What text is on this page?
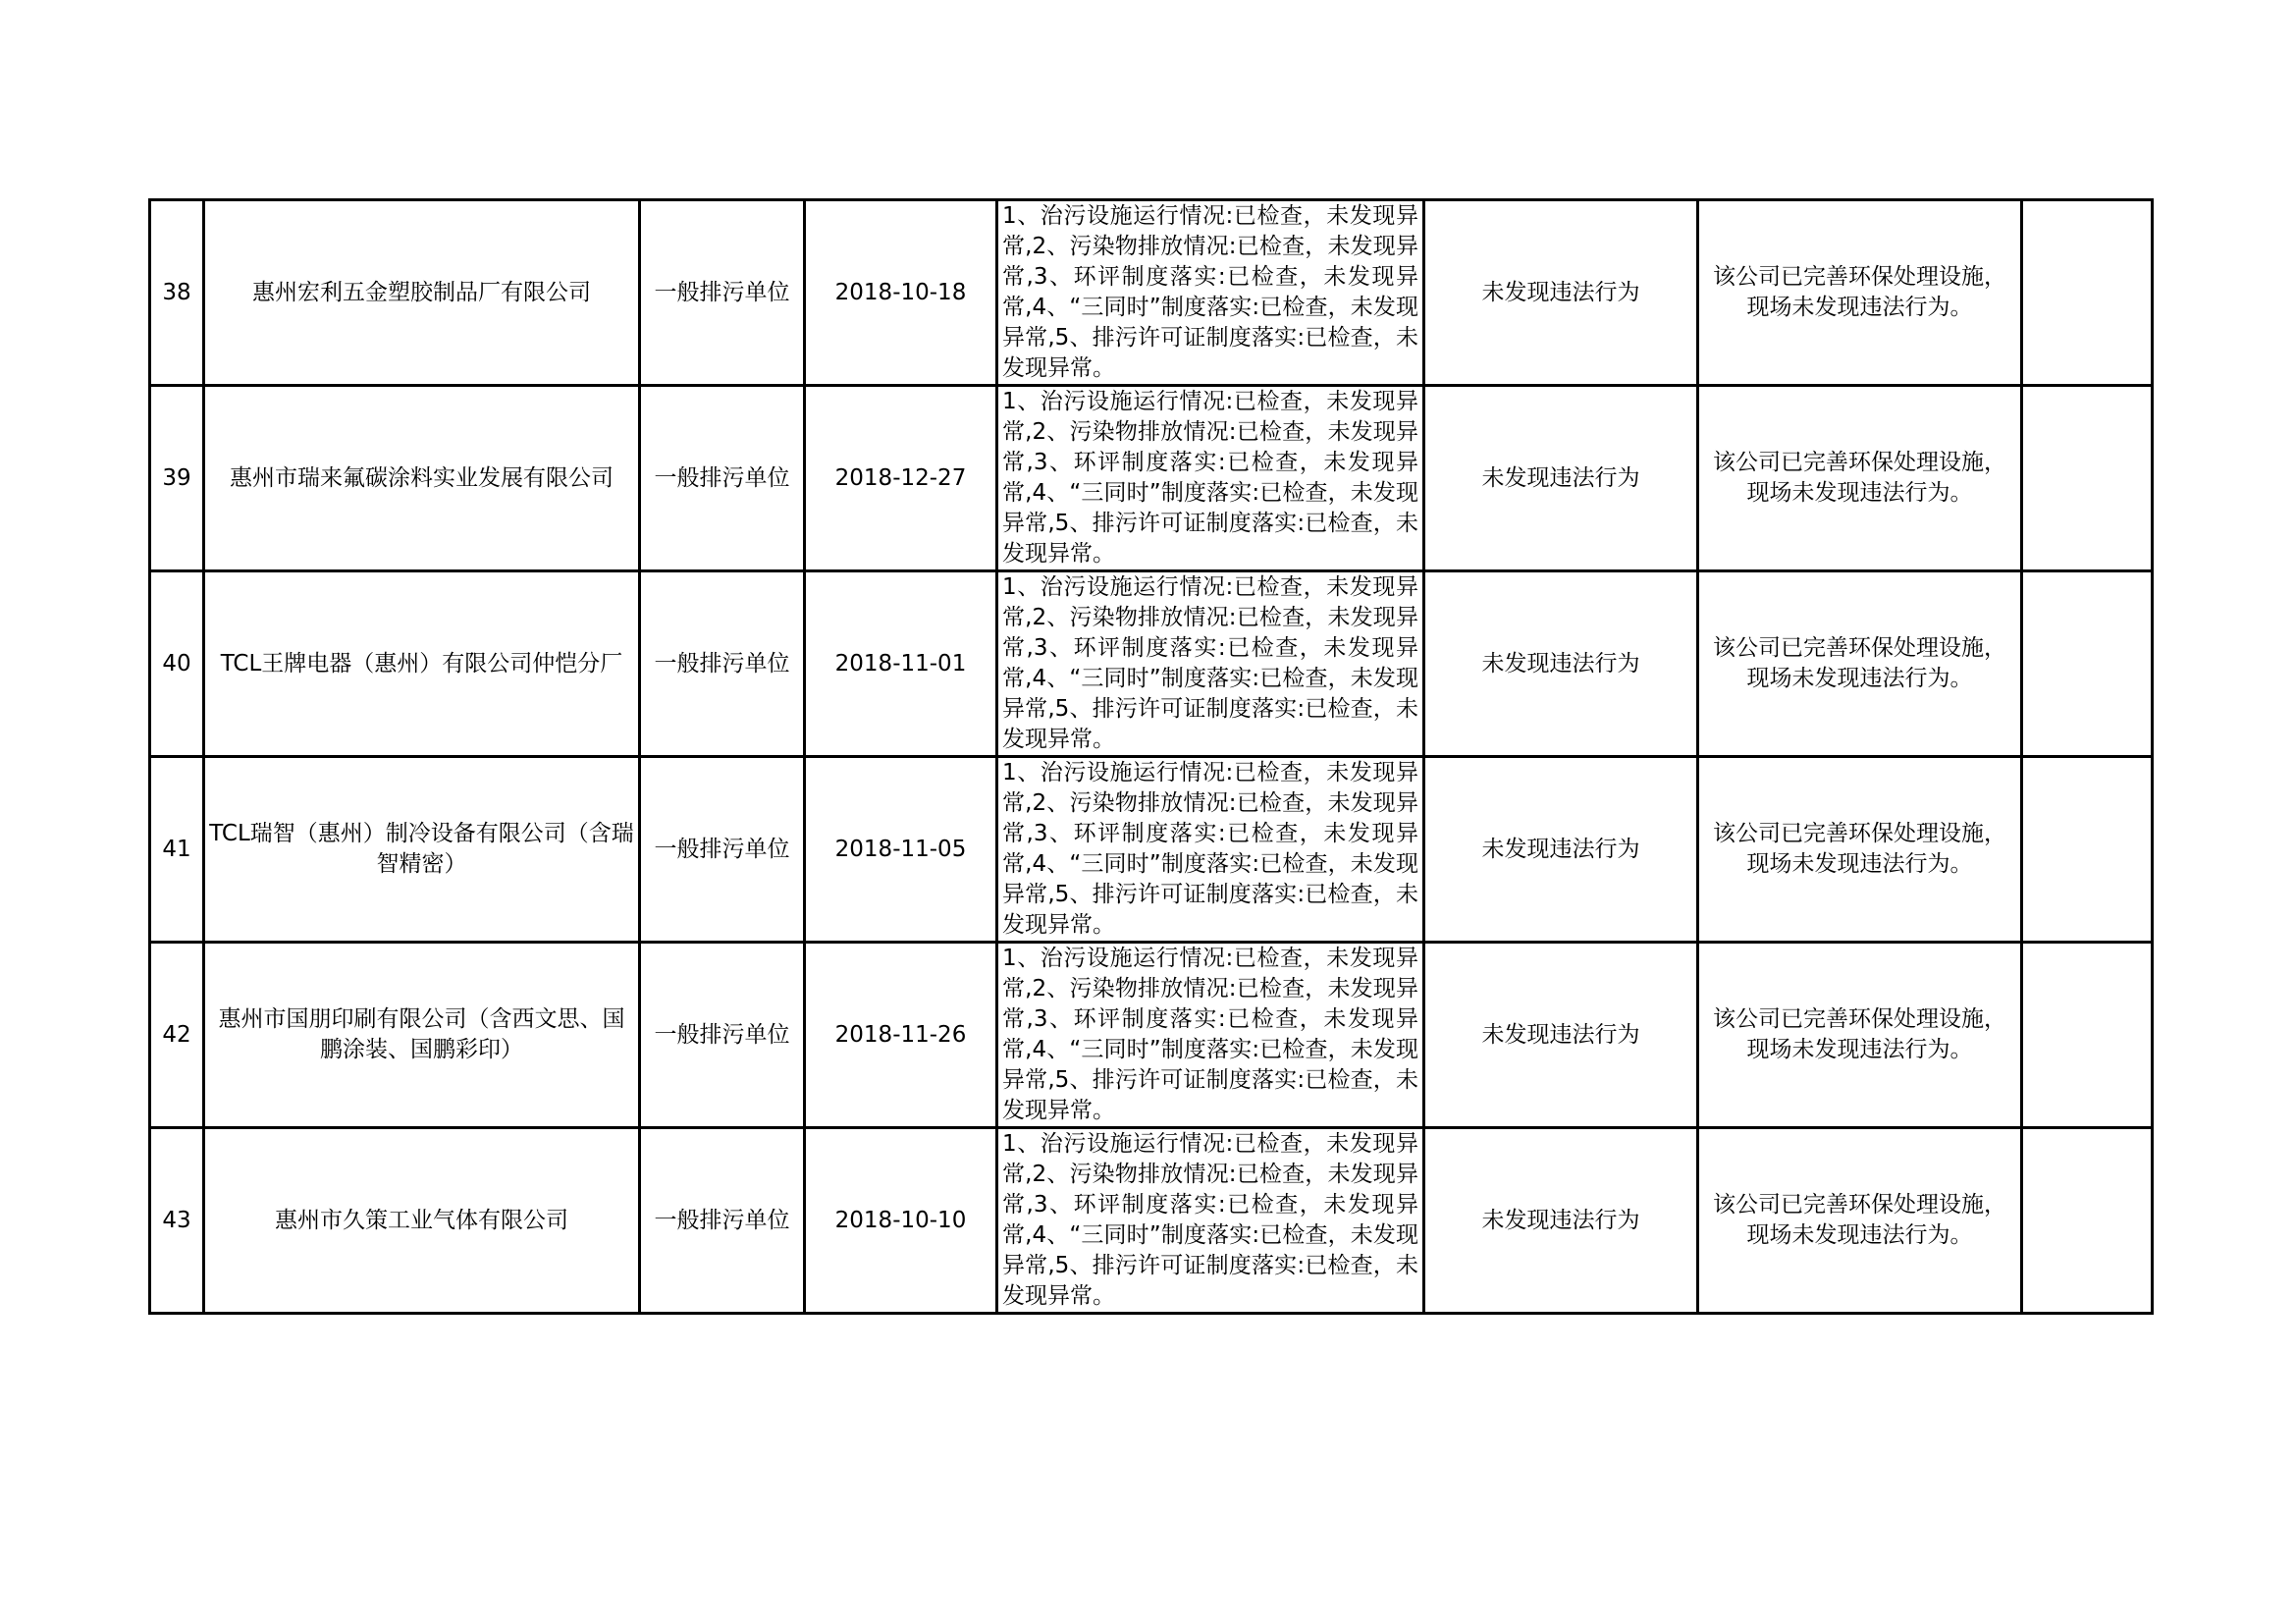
38	惠州宏利五金塑胶制品厂有限公司	一般排污单位	2018-10-18	1、治污设施运行情况:已检查，未发现异常,2、污染物排放情况:已检查，未发现异常,3、环评制度落实:已检查，未发现异常,4、“三同时”制度落实:已检查，未发现异常,5、排污许可证制度落实:已检查，未发现异常。	未发现违法行为	该公司已完善环保处理设施，现场未发现违法行为。	
39	惠州市瑞来氟碳涂料实业发展有限公司	一般排污单位	2018-12-27	1、治污设施运行情况:已检查，未发现异常,2、污染物排放情况:已检查，未发现异常,3、环评制度落实:已检查，未发现异常,4、“三同时”制度落实:已检查，未发现异常,5、排污许可证制度落实:已检查，未发现异常。	未发现违法行为	该公司已完善环保处理设施，现场未发现违法行为。	
40	TCL王牌电器（惠州）有限公司仲恺分厂	一般排污单位	2018-11-01	1、治污设施运行情况:已检查，未发现异常,2、污染物排放情况:已检查，未发现异常,3、环评制度落实:已检查，未发现异常,4、“三同时”制度落实:已检查，未发现异常,5、排污许可证制度落实:已检查，未发现异常。	未发现违法行为	该公司已完善环保处理设施，现场未发现违法行为。	
41	TCL瑞智（惠州）制冷设备有限公司（含瑞智精密）	一般排污单位	2018-11-05	1、治污设施运行情况:已检查，未发现异常,2、污染物排放情况:已检查，未发现异常,3、环评制度落实:已检查，未发现异常,4、“三同时”制度落实:已检查，未发现异常,5、排污许可证制度落实:已检查，未发现异常。	未发现违法行为	该公司已完善环保处理设施，现场未发现违法行为。	
42	惠州市国朋印刷有限公司（含西文思、国鹏涂装、国鹏彩印）	一般排污单位	2018-11-26	1、治污设施运行情况:已检查，未发现异常,2、污染物排放情况:已检查，未发现异常,3、环评制度落实:已检查，未发现异常,4、“三同时”制度落实:已检查，未发现异常,5、排污许可证制度落实:已检查，未发现异常。	未发现违法行为	该公司已完善环保处理设施，现场未发现违法行为。	
43	惠州市久策工业气体有限公司	一般排污单位	2018-10-10	1、治污设施运行情况:已检查，未发现异常,2、污染物排放情况:已检查，未发现异常,3、环评制度落实:已检查，未发现异常,4、“三同时”制度落实:已检查，未发现异常,5、排污许可证制度落实:已检查，未发现异常。	未发现违法行为	该公司已完善环保处理设施，现场未发现违法行为。	
